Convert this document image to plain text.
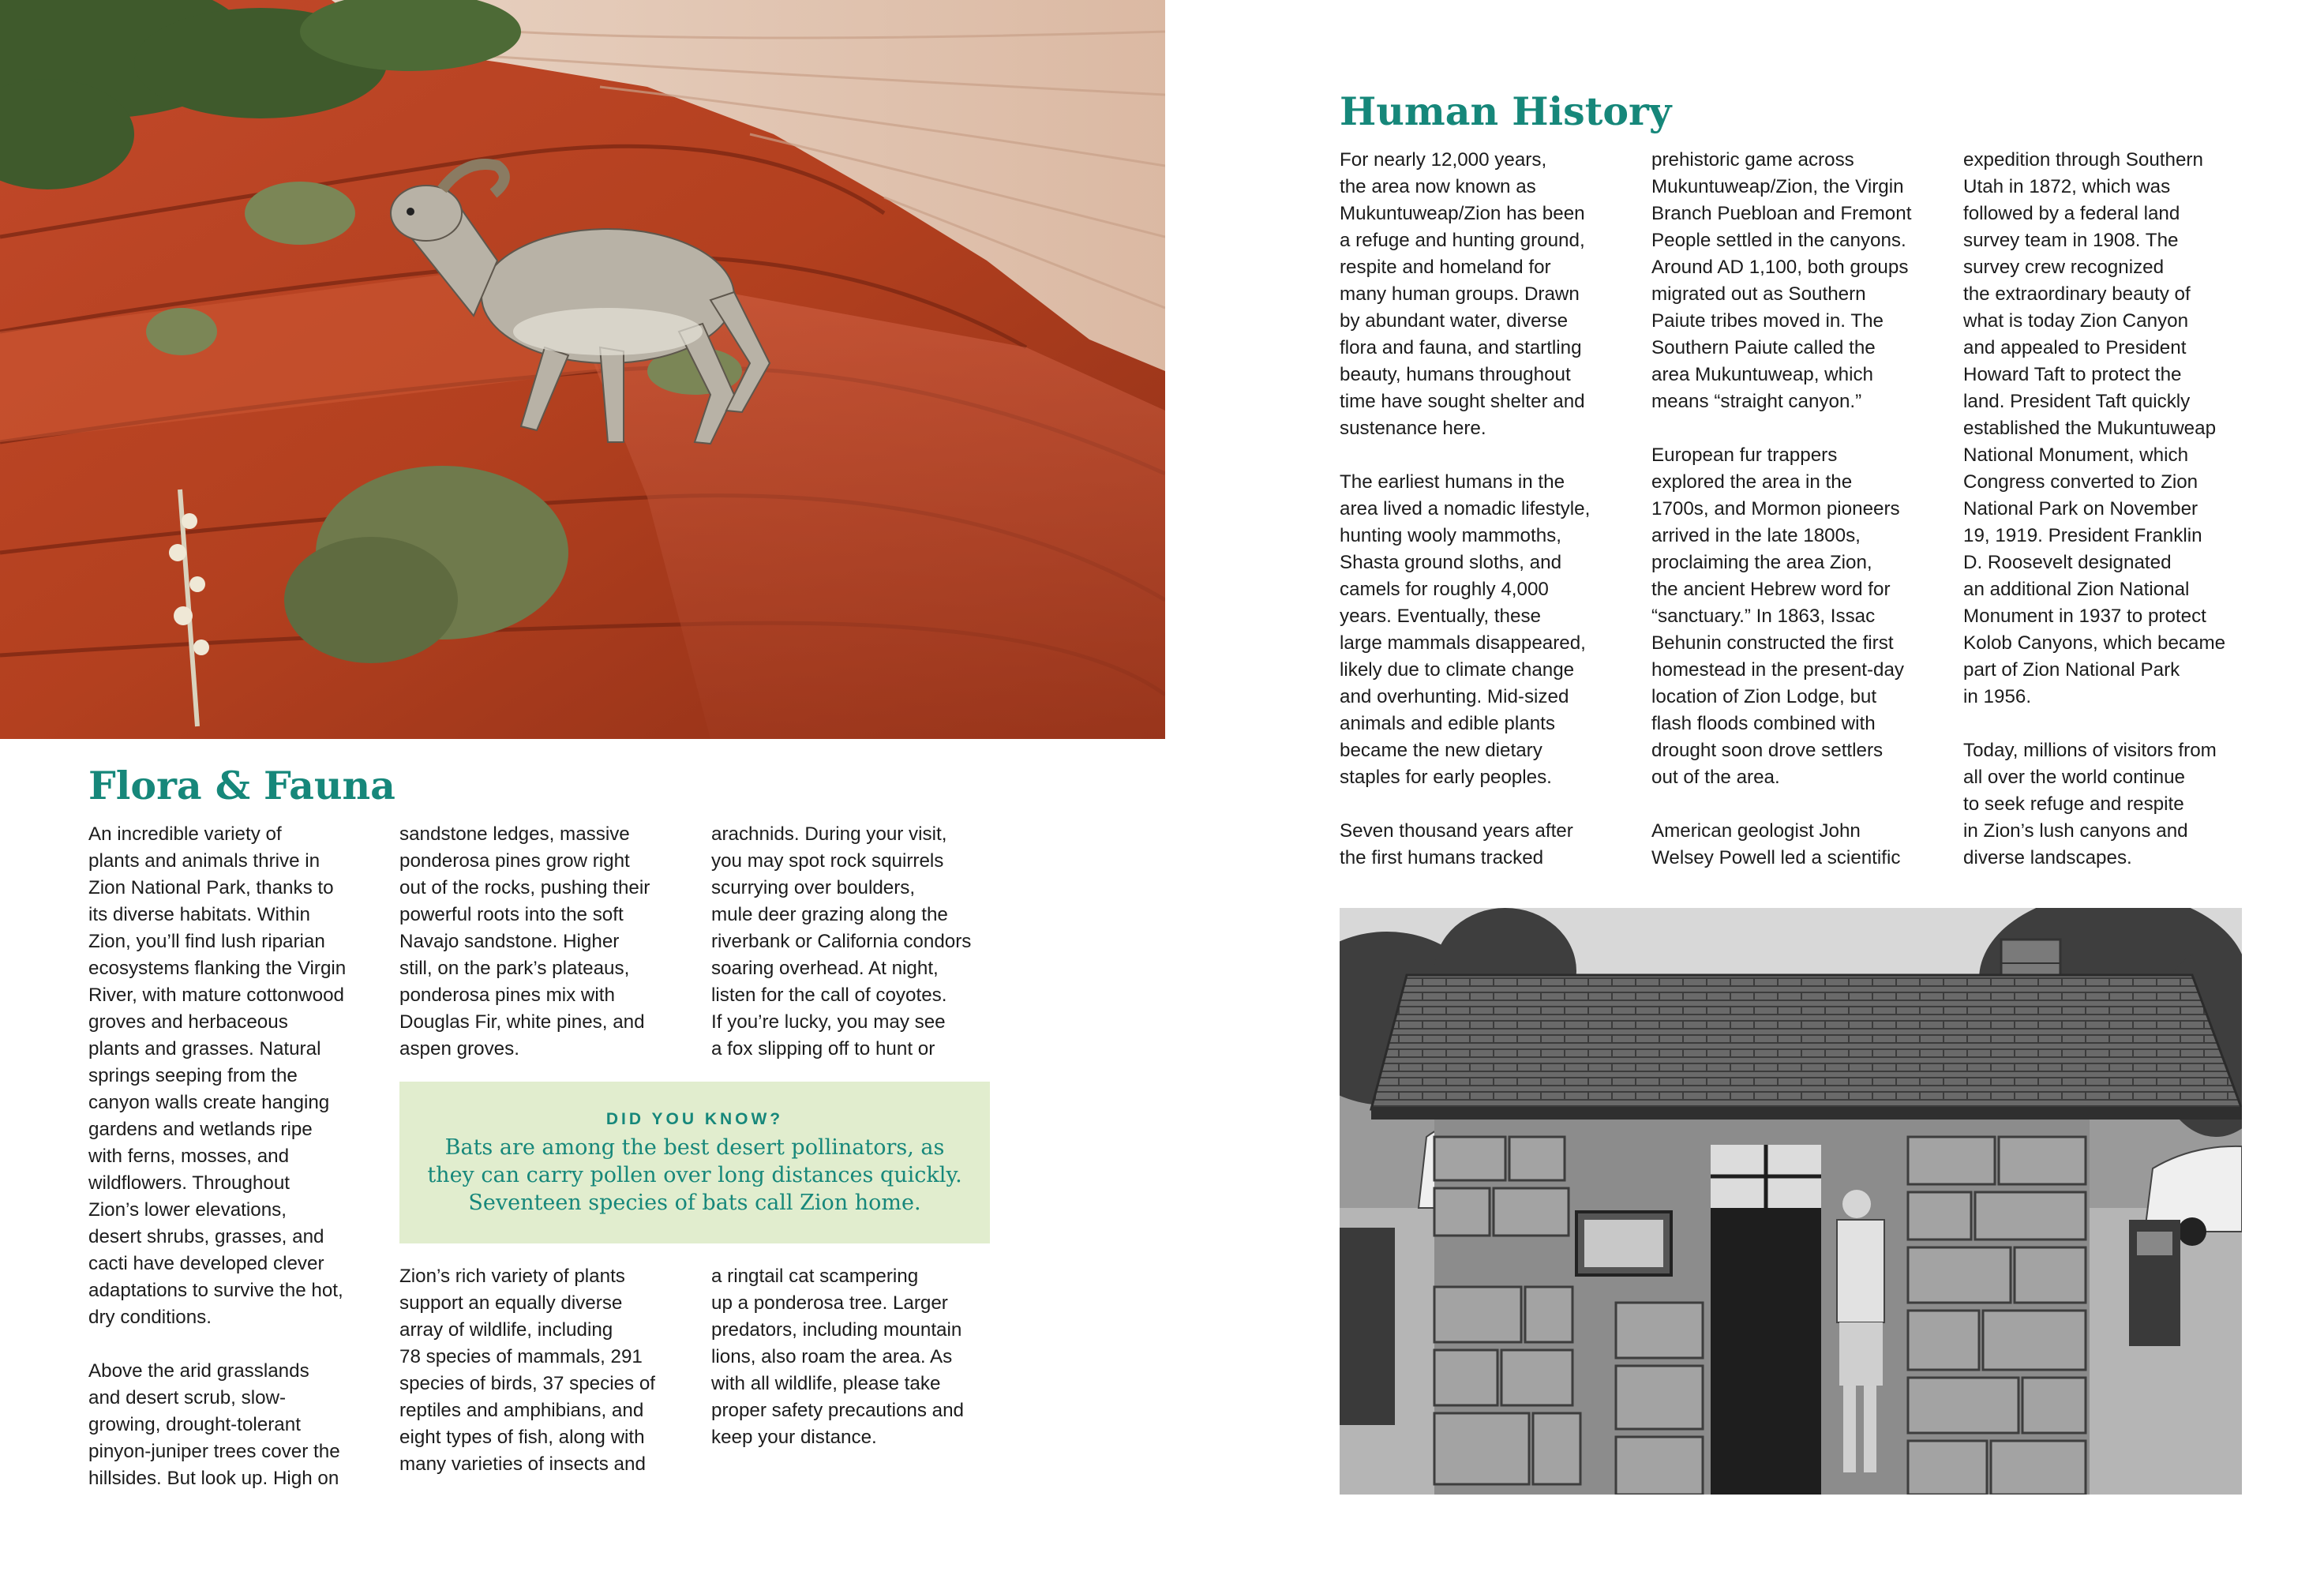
Flora & Fauna
An incredible variety of
plants and animals thrive in
Zion National Park, thanks to
its diverse habitats. Within
Zion, you’ll find lush riparian
ecosystems flanking the Virgin
River, with mature cottonwood
groves and herbaceous
plants and grasses. Natural
springs seeping from the
canyon walls create hanging
gardens and wetlands ripe
with ferns, mosses, and
wildflowers. Throughout
Zion’s lower elevations,
desert shrubs, grasses, and
cacti have developed clever
adaptations to survive the hot,
dry conditions.

Above the arid grasslands
and desert scrub, slow-
growing, drought-tolerant
pinyon-juniper trees cover the
hillsides. But look up. High on
sandstone ledges, massive
ponderosa pines grow right
out of the rocks, pushing their
powerful roots into the soft
Navajo sandstone. Higher
still, on the park’s plateaus,
ponderosa pines mix with
Douglas Fir, white pines, and
aspen groves.
arachnids. During your visit,
you may spot rock squirrels
scurrying over boulders,
mule deer grazing along the
riverbank or California condors
soaring overhead. At night,
listen for the call of coyotes.
If you’re lucky, you may see
a fox slipping off to hunt or
DID YOU KNOW?
Bats are among the best desert pollinators, as
they can carry pollen over long distances quickly.
Seventeen species of bats call Zion home.
Zion’s rich variety of plants
support an equally diverse
array of wildlife, including
78 species of mammals, 291
species of birds, 37 species of
reptiles and amphibians, and
eight types of fish, along with
many varieties of insects and
a ringtail cat scampering
up a ponderosa tree. Larger
predators, including mountain
lions, also roam the area. As
with all wildlife, please take
proper safety precautions and
keep your distance.
Human History
For nearly 12,000 years,
the area now known as
Mukuntuweap/Zion has been
a refuge and hunting ground,
respite and homeland for
many human groups. Drawn
by abundant water, diverse
flora and fauna, and startling
beauty, humans throughout
time have sought shelter and
sustenance here.

The earliest humans in the
area lived a nomadic lifestyle,
hunting wooly mammoths,
Shasta ground sloths, and
camels for roughly 4,000
years. Eventually, these
large mammals disappeared,
likely due to climate change
and overhunting. Mid-sized
animals and edible plants
became the new dietary
staples for early peoples.

Seven thousand years after
the first humans tracked
prehistoric game across
Mukuntuweap/Zion, the Virgin
Branch Puebloan and Fremont
People settled in the canyons.
Around AD 1,100, both groups
migrated out as Southern
Paiute tribes moved in. The
Southern Paiute called the
area Mukuntuweap, which
means “straight canyon.”

European fur trappers
explored the area in the
1700s, and Mormon pioneers
arrived in the late 1800s,
proclaiming the area Zion,
the ancient Hebrew word for
“sanctuary.” In 1863, Issac
Behunin constructed the first
homestead in the present-day
location of Zion Lodge, but
flash floods combined with
drought soon drove settlers
out of the area.

American geologist John
Welsey Powell led a scientific
expedition through Southern
Utah in 1872, which was
followed by a federal land
survey team in 1908. The
survey crew recognized
the extraordinary beauty of
what is today Zion Canyon
and appealed to President
Howard Taft to protect the
land. President Taft quickly
established the Mukuntuweap
National Monument, which
Congress converted to Zion
National Park on November
19, 1919. President Franklin
D. Roosevelt designated
an additional Zion National
Monument in 1937 to protect
Kolob Canyons, which became
part of Zion National Park
in 1956.

Today, millions of visitors from
all over the world continue
to seek refuge and respite
in Zion’s lush canyons and
diverse landscapes.
